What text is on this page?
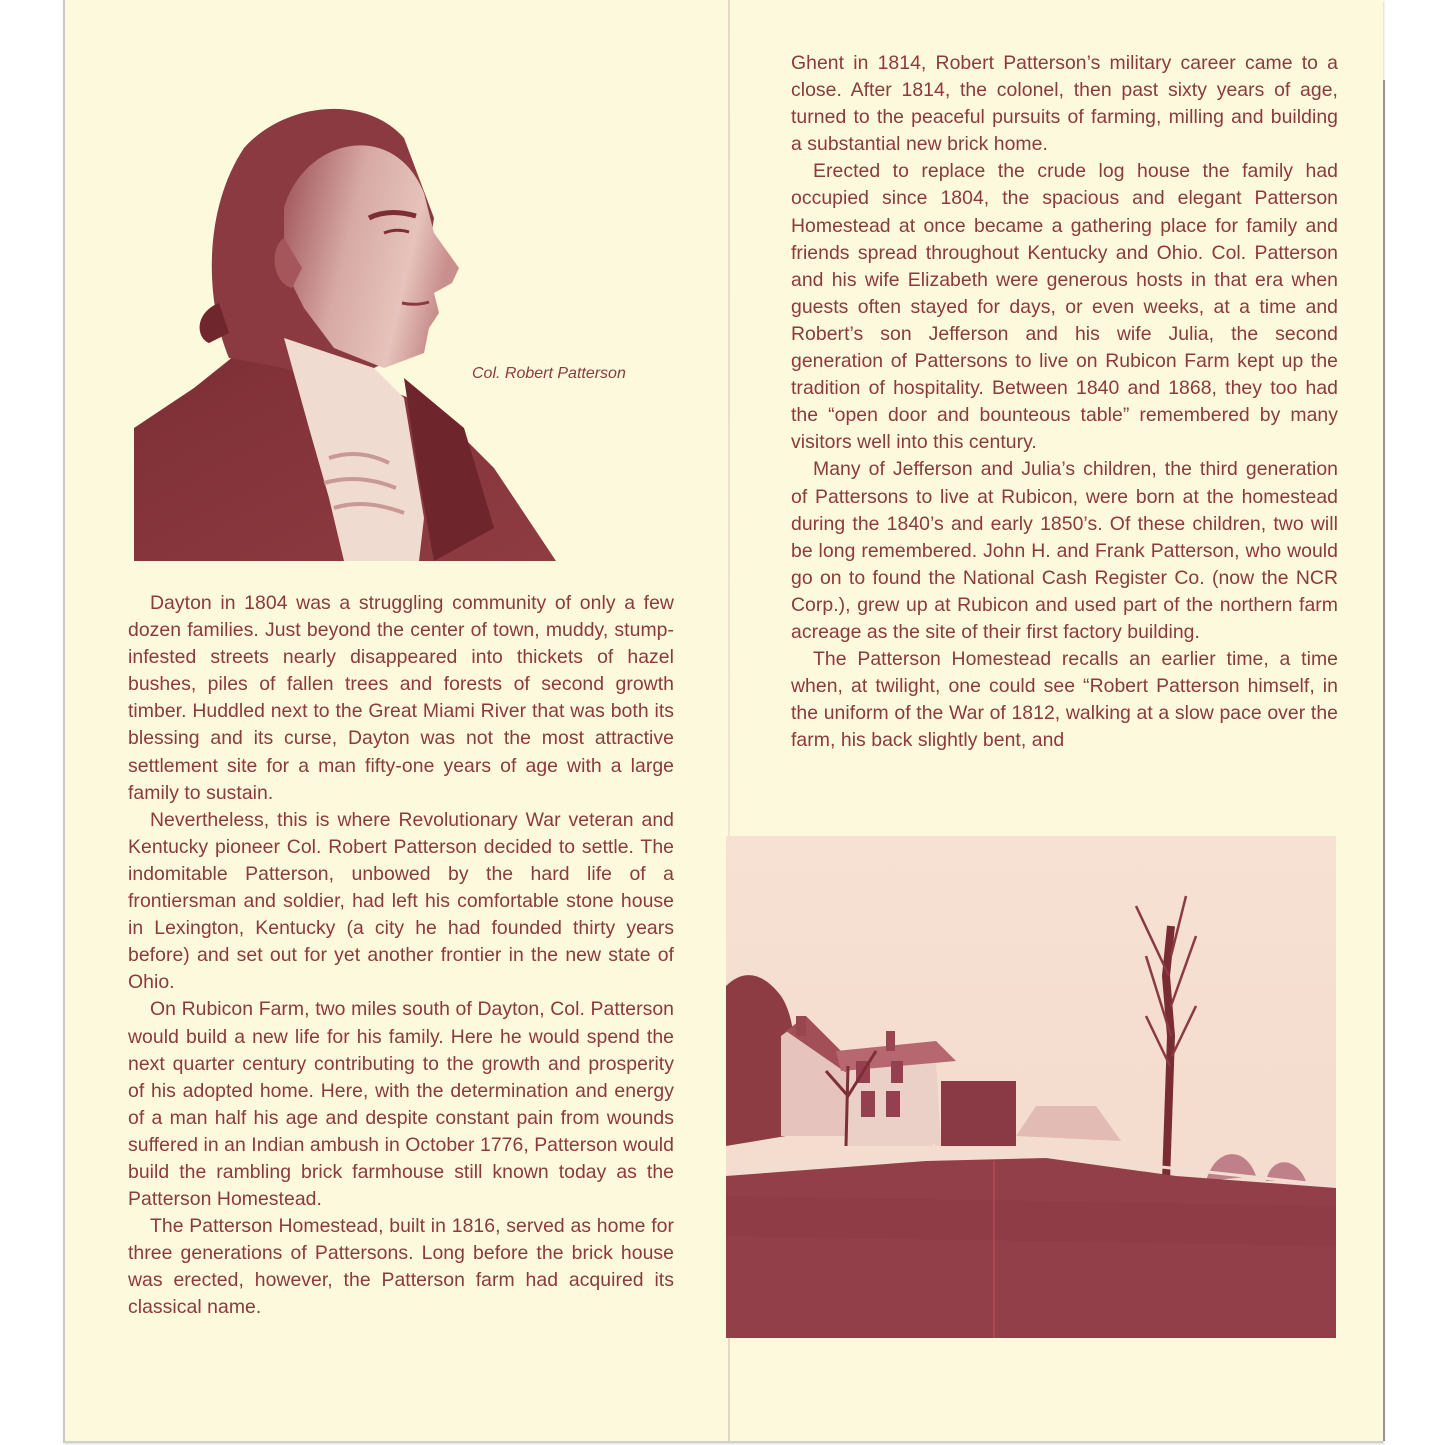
Col. Robert Patterson

Dayton in 1804 was a struggling community of only a few dozen families. Just beyond the center of town, muddy, stump-infested streets nearly disappeared into thickets of hazel bushes, piles of fallen trees and forests of second growth timber. Huddled next to the Great Miami River that was both its blessing and its curse, Dayton was not the most attractive settlement site for a man fifty-one years of age with a large family to sustain.

Nevertheless, this is where Revolutionary War veteran and Kentucky pioneer Col. Robert Patterson decided to settle. The indomitable Patterson, unbowed by the hard life of a frontiersman and soldier, had left his comfortable stone house in Lexington, Kentucky (a city he had founded thirty years before) and set out for yet another frontier in the new state of Ohio.

On Rubicon Farm, two miles south of Dayton, Col. Patterson would build a new life for his family. Here he would spend the next quarter century contributing to the growth and prosperity of his adopted home. Here, with the determination and energy of a man half his age and despite constant pain from wounds suffered in an Indian ambush in October 1776, Patterson would build the rambling brick farmhouse still known today as the Patterson Homestead.

The Patterson Homestead, built in 1816, served as home for three generations of Pattersons. Long before the brick house was erected, however, the Patterson farm had acquired its classical name.

Ghent in 1814, Robert Patterson’s military career came to a close. After 1814, the colonel, then past sixty years of age, turned to the peaceful pursuits of farming, milling and building a substantial new brick home.

Erected to replace the crude log house the family had occupied since 1804, the spacious and elegant Patterson Homestead at once became a gathering place for family and friends spread throughout Kentucky and Ohio. Col. Patterson and his wife Elizabeth were generous hosts in that era when guests often stayed for days, or even weeks, at a time and Robert’s son Jefferson and his wife Julia, the second generation of Pattersons to live on Rubicon Farm kept up the tradition of hospitality. Between 1840 and 1868, they too had the “open door and bounteous table” remembered by many visitors well into this century.

Many of Jefferson and Julia’s children, the third generation of Pattersons to live at Rubicon, were born at the homestead during the 1840’s and early 1850’s. Of these children, two will be long remembered. John H. and Frank Patterson, who would go on to found the National Cash Register Co. (now the NCR Corp.), grew up at Rubicon and used part of the northern farm acreage as the site of their first factory building.

The Patterson Homestead recalls an earlier time, a time when, at twilight, one could see “Robert Patterson himself, in the uniform of the War of 1812, walking at a slow pace over the farm, his back slightly bent, and
